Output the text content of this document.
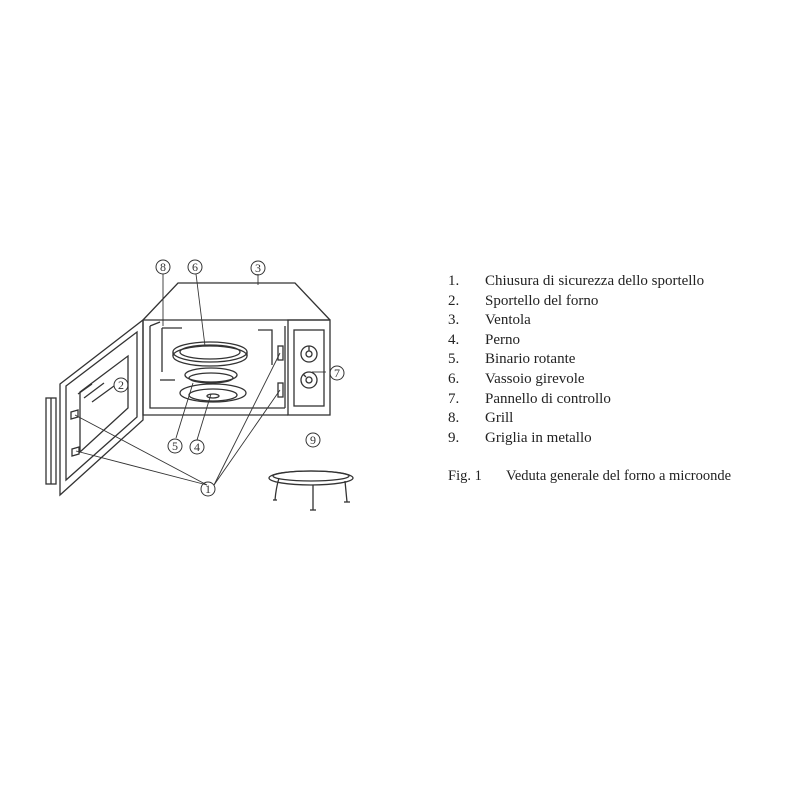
1
2
3
4
5
6
7
8
9
1.	Chiusura di sicurezza dello sportello
2.	Sportello del forno
3.	Ventola
4.	Perno
5.	Binario rotante
6.	Vassoio girevole
7.	Pannello di controllo
8.	Grill
9.	Griglia in metallo
Fig. 1 Veduta generale del forno a microonde
